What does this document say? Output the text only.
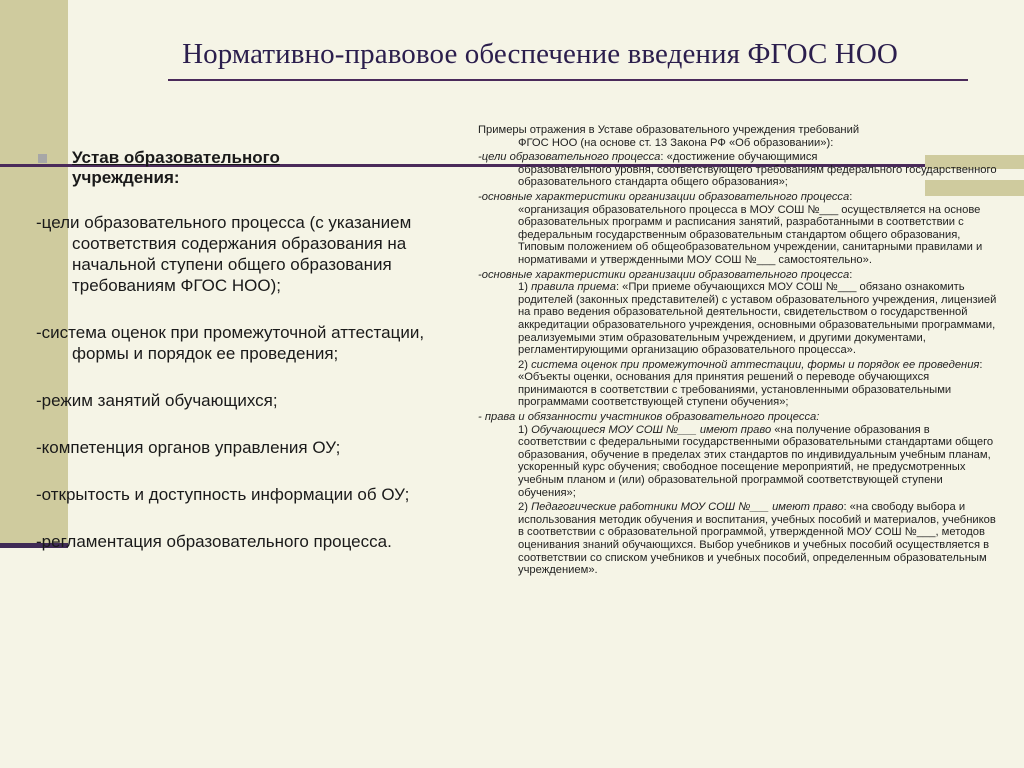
Нормативно-правовое обеспечение введения ФГОС НОО
Устав образовательного
учреждения:
-цели образовательного процесса (с указанием соответствия содержания образования на начальной ступени общего образования требованиям ФГОС НОО);
-система оценок при промежуточной аттестации, формы и порядок ее проведения;
-режим занятий обучающихся;
-компетенция органов управления ОУ;
-открытость и доступность информации об ОУ;
-регламентация образовательного процесса.
Примеры отражения в Уставе образовательного учреждения требований
ФГОС НОО (на основе ст. 13 Закона РФ «Об образовании»):
-цели образовательного процесса: «достижение обучающимися
образовательного уровня, соответствующего требованиям федерального государственного образовательного стандарта общего образования»;
-основные характеристики организации образовательного процесса:
«организация образовательного процесса в МОУ СОШ №___ осуществляется на основе образовательных программ и расписания занятий, разработанными в соответствии с федеральным государственным образовательным стандартом общего образования, Типовым положением об общеобразовательном учреждении, санитарными правилами и нормативами и утвержденными МОУ СОШ №___ самостоятельно».
-основные характеристики организации образовательного процесса:
1) правила приема: «При приеме обучающихся МОУ СОШ №___ обязано ознакомить родителей (законных представителей) с уставом образовательного учреждения, лицензией на право ведения образовательной деятельности, свидетельством о государственной аккредитации образовательного учреждения, основными образовательными программами, реализуемыми этим образовательным учреждением, и другими документами, регламентирующими организацию образовательного процесса».
2) система оценок при промежуточной аттестации, формы и порядок ее проведения: «Объекты оценки, основания для принятия решений о переводе обучающихся принимаются в соответствии с требованиями, установленными образовательными программами соответствующей ступени обучения»;
- права и обязанности участников образовательного процесса:
1) Обучающиеся МОУ СОШ №___ имеют право «на получение образования в соответствии с федеральными государственными образовательными стандартами общего образования, обучение в пределах этих стандартов по индивидуальным учебным планам, ускоренный курс обучения; свободное посещение мероприятий, не предусмотренных учебным планом и (или) образовательной программой соответствующей ступени обучения»;
2) Педагогические работники МОУ СОШ №___ имеют право: «на свободу выбора и использования методик обучения и воспитания, учебных пособий и материалов, учебников в соответствии с образовательной программой, утвержденной МОУ СОШ №___, методов оценивания знаний обучающихся. Выбор учебников и учебных пособий осуществляется в соответствии со списком учебников и учебных пособий, определенным образовательным учреждением».
